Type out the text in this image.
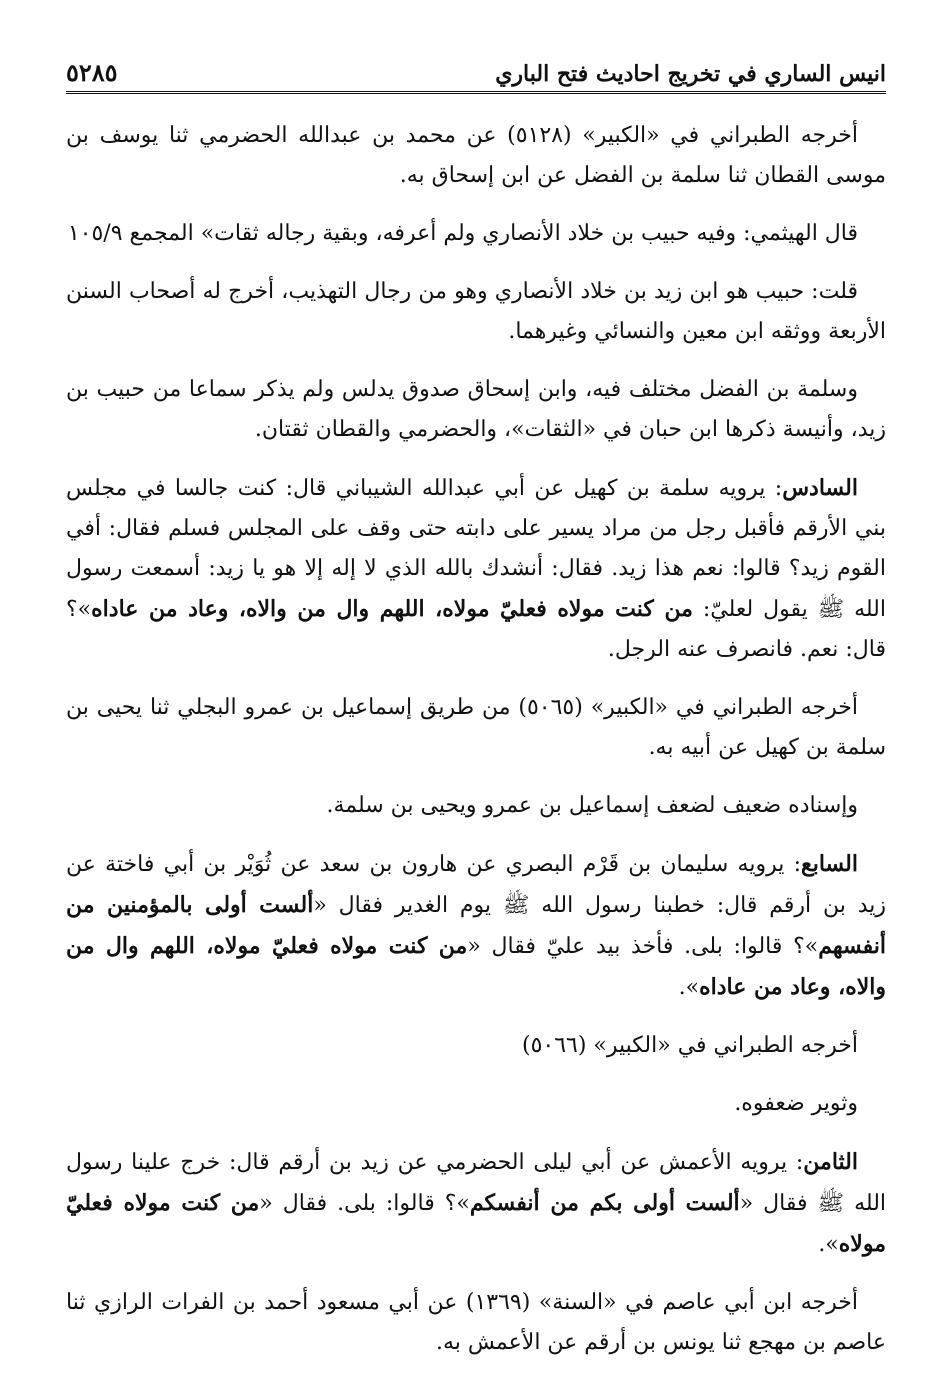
انيس الساري في تخريج احاديث فتح الباري
٥٢٨٥

أخرجه الطبراني في «الكبير» (٥١٢٨) عن محمد بن عبدالله الحضرمي ثنا يوسف بن موسى القطان ثنا سلمة بن الفضل عن ابن إسحاق به.

قال الهيثمي: وفيه حبيب بن خلاد الأنصاري ولم أعرفه، وبقية رجاله ثقات» المجمع ١٠٥/٩

قلت: حبيب هو ابن زيد بن خلاد الأنصاري وهو من رجال التهذيب، أخرج له أصحاب السنن الأربعة ووثقه ابن معين والنسائي وغيرهما.

وسلمة بن الفضل مختلف فيه، وابن إسحاق صدوق يدلس ولم يذكر سماعا من حبيب بن زيد، وأنيسة ذكرها ابن حبان في «الثقات»، والحضرمي والقطان ثقتان.

السادس: يرويه سلمة بن كهيل عن أبي عبدالله الشيباني قال: كنت جالسا في مجلس بني الأرقم فأقبل رجل من مراد يسير على دابته حتى وقف على المجلس فسلم فقال: أفي القوم زيد؟ قالوا: نعم هذا زيد. فقال: أنشدك بالله الذي لا إله إلا هو يا زيد: أسمعت رسول الله ﷺ يقول لعليّ: من كنت مولاه فعليّ مولاه، اللهم وال من والاه، وعاد من عاداه»؟ قال: نعم. فانصرف عنه الرجل.

أخرجه الطبراني في «الكبير» (٥٠٦٥) من طريق إسماعيل بن عمرو البجلي ثنا يحيى بن سلمة بن كهيل عن أبيه به.

وإسناده ضعيف لضعف إسماعيل بن عمرو ويحيى بن سلمة.

السابع: يرويه سليمان بن قَرْم البصري عن هارون بن سعد عن ثُوَيْر بن أبي فاختة عن زيد بن أرقم قال: خطبنا رسول الله ﷺ يوم الغدير فقال «ألست أولى بالمؤمنين من أنفسهم»؟ قالوا: بلى. فأخذ بيد عليّ فقال «من كنت مولاه فعليّ مولاه، اللهم وال من والاه، وعاد من عاداه».

أخرجه الطبراني في «الكبير» (٥٠٦٦)

وثوير ضعفوه.

الثامن: يرويه الأعمش عن أبي ليلى الحضرمي عن زيد بن أرقم قال: خرج علينا رسول الله ﷺ فقال «ألست أولى بكم من أنفسكم»؟ قالوا: بلى. فقال «من كنت مولاه فعليّ مولاه».

أخرجه ابن أبي عاصم في «السنة» (١٣٦٩) عن أبي مسعود أحمد بن الفرات الرازي ثنا عاصم بن مهجع ثنا يونس بن أرقم عن الأعمش به.
